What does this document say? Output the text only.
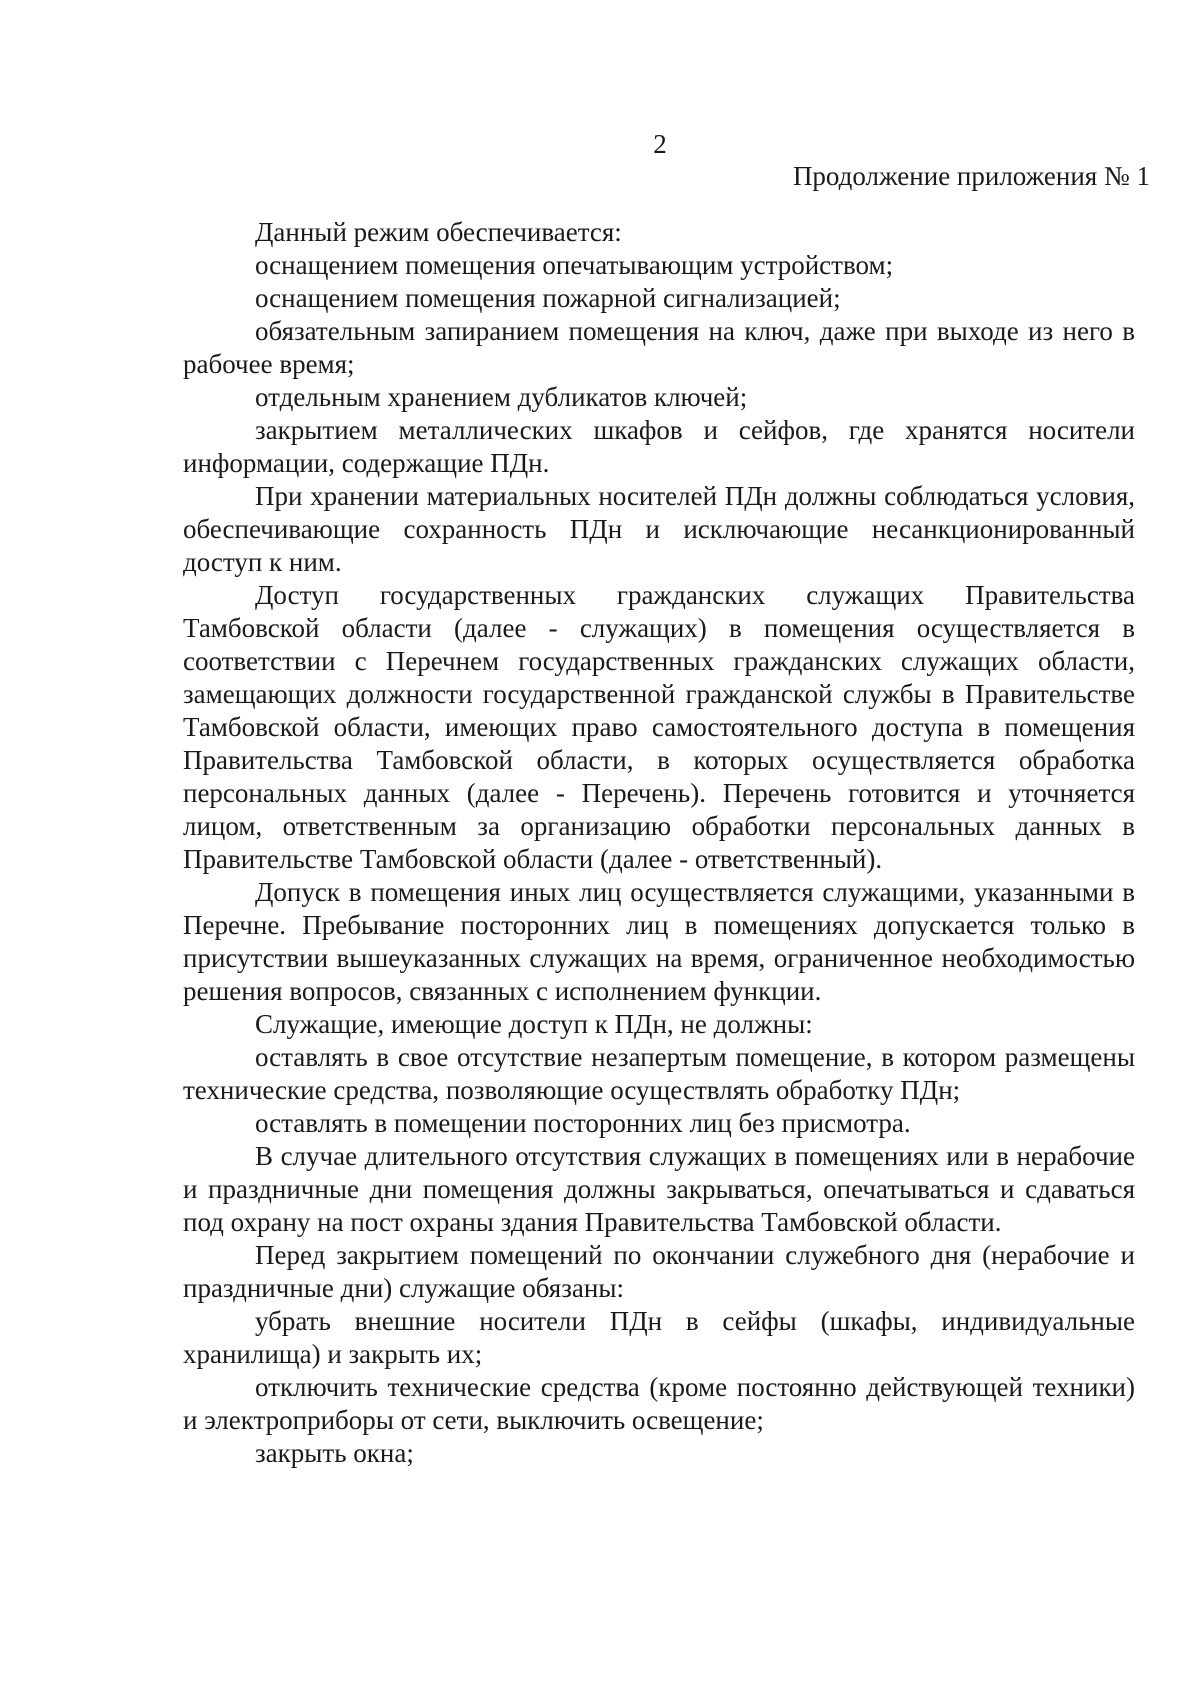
2
Продолжение приложения № 1

Данный режим обеспечивается:

оснащением помещения опечатывающим устройством;

оснащением помещения пожарной сигнализацией;

обязательным запиранием помещения на ключ, даже при выходе из него в рабочее время;

отдельным хранением дубликатов ключей;

закрытием металлических шкафов и сейфов, где хранятся носители информации, содержащие ПДн.

При хранении материальных носителей ПДн должны соблюдаться условия, обеспечивающие сохранность ПДн и исключающие несанкционированный доступ к ним.

Доступ государственных гражданских служащих Правительства Тамбовской области (далее - служащих) в помещения осуществляется в соответствии с Перечнем государственных гражданских служащих области, замещающих должности государственной гражданской службы в Правительстве Тамбовской области, имеющих право самостоятельного доступа в помещения Правительства Тамбовской области, в которых осуществляется обработка персональных данных (далее - Перечень). Перечень готовится и уточняется лицом, ответственным за организацию обработки персональных данных в Правительстве Тамбовской области (далее - ответственный).

Допуск в помещения иных лиц осуществляется служащими, указанными в Перечне. Пребывание посторонних лиц в помещениях допускается только в присутствии вышеуказанных служащих на время, ограниченное необходимостью решения вопросов, связанных с исполнением функции.

Служащие, имеющие доступ к ПДн, не должны:

оставлять в свое отсутствие незапертым помещение, в котором размещены технические средства, позволяющие осуществлять обработку ПДн;

оставлять в помещении посторонних лиц без присмотра.

В случае длительного отсутствия служащих в помещениях или в нерабочие и праздничные дни помещения должны закрываться, опечатываться и сдаваться под охрану на пост охраны здания Правительства Тамбовской области.

Перед закрытием помещений по окончании служебного дня (нерабочие и праздничные дни) служащие обязаны:

убрать внешние носители ПДн в сейфы (шкафы, индивидуальные хранилища) и закрыть их;

отключить технические средства (кроме постоянно действующей техники) и электроприборы от сети, выключить освещение;

закрыть окна;
